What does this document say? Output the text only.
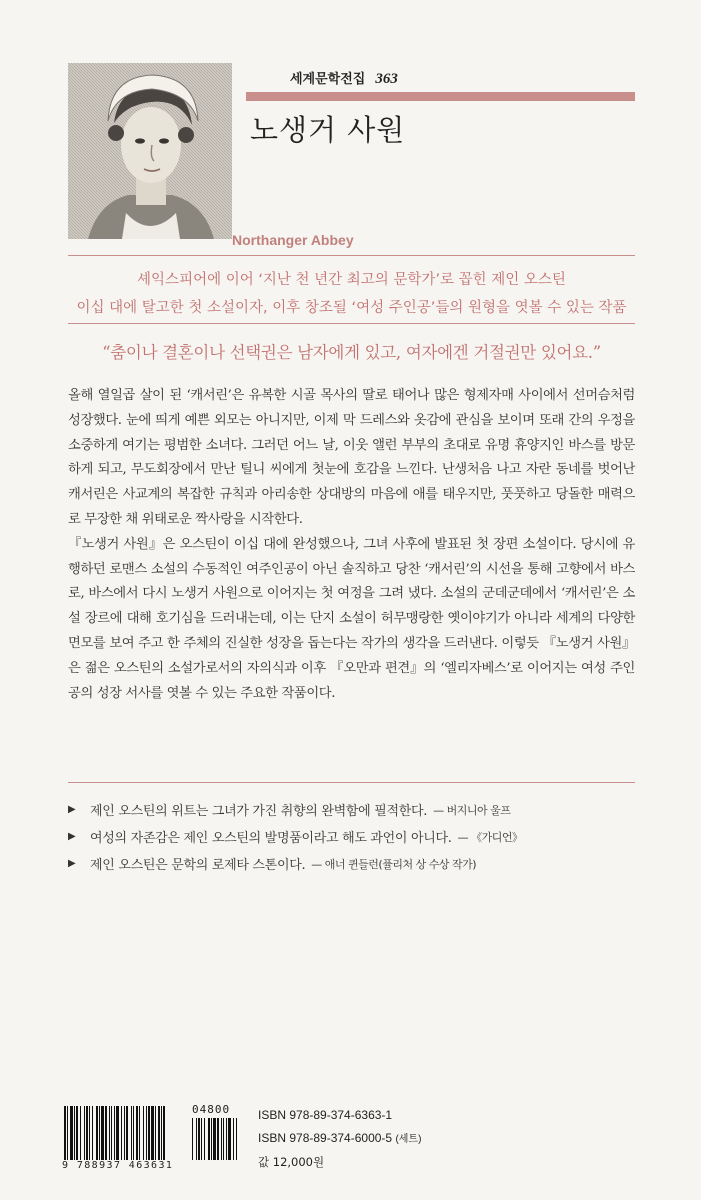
세계문학전집 363
노생거 사원
Northanger Abbey
셰익스피어에 이어 ‘지난 천 년간 최고의 문학가’로 꼽힌 제인 오스틴
이십 대에 탈고한 첫 소설이자, 이후 창조될 ‘여성 주인공’들의 원형을 엿볼 수 있는 작품
“춤이나 결혼이나 선택권은 남자에게 있고, 여자에겐 거절권만 있어요.”

올해 열일곱 살이 된 ‘캐서린’은 유복한 시골 목사의 딸로 태어나 많은 형제자매 사이에서 선머슴처럼 성장했다. 눈에 띄게 예쁜 외모는 아니지만, 이제 막 드레스와 옷감에 관심을 보이며 또래 간의 우정을 소중하게 여기는 평범한 소녀다. 그러던 어느 날, 이웃 앨런 부부의 초대로 유명 휴양지인 바스를 방문하게 되고, 무도회장에서 만난 틸니 씨에게 첫눈에 호감을 느낀다. 난생처음 나고 자란 동네를 벗어난 캐서린은 사교계의 복잡한 규칙과 아리송한 상대방의 마음에 애를 태우지만, 풋풋하고 당돌한 매력으로 무장한 채 위태로운 짝사랑을 시작한다.

『노생거 사원』은 오스틴이 이십 대에 완성했으나, 그녀 사후에 발표된 첫 장편 소설이다. 당시에 유행하던 로맨스 소설의 수동적인 여주인공이 아닌 솔직하고 당찬 ‘캐서린’의 시선을 통해 고향에서 바스로, 바스에서 다시 노생거 사원으로 이어지는 첫 여정을 그려 냈다. 소설의 군데군데에서 ‘캐서린’은 소설 장르에 대해 호기심을 드러내는데, 이는 단지 소설이 허무맹랑한 옛이야기가 아니라 세계의 다양한 면모를 보여 주고 한 주체의 진실한 성장을 돕는다는 작가의 생각을 드러낸다. 이렇듯 『노생거 사원』은 젊은 오스틴의 소설가로서의 자의식과 이후 『오만과 편견』의 ‘엘리자베스’로 이어지는 여성 주인공의 성장 서사를 엿볼 수 있는 주요한 작품이다.

▶	제인 오스틴의 위트는 그녀가 가진 취향의 완벽함에 필적한다. — 버지니아 울프
▶	여성의 자존감은 제인 오스틴의 발명품이라고 해도 과언이 아니다. — 《가디언》
▶	제인 오스틴은 문학의 로제타 스톤이다. — 애너 퀸들런(퓰리처 상 수상 작가)
04800
9 788937 463631
ISBN 978-89-374-6363-1
ISBN 978-89-374-6000-5 (세트)
값 12,000원
